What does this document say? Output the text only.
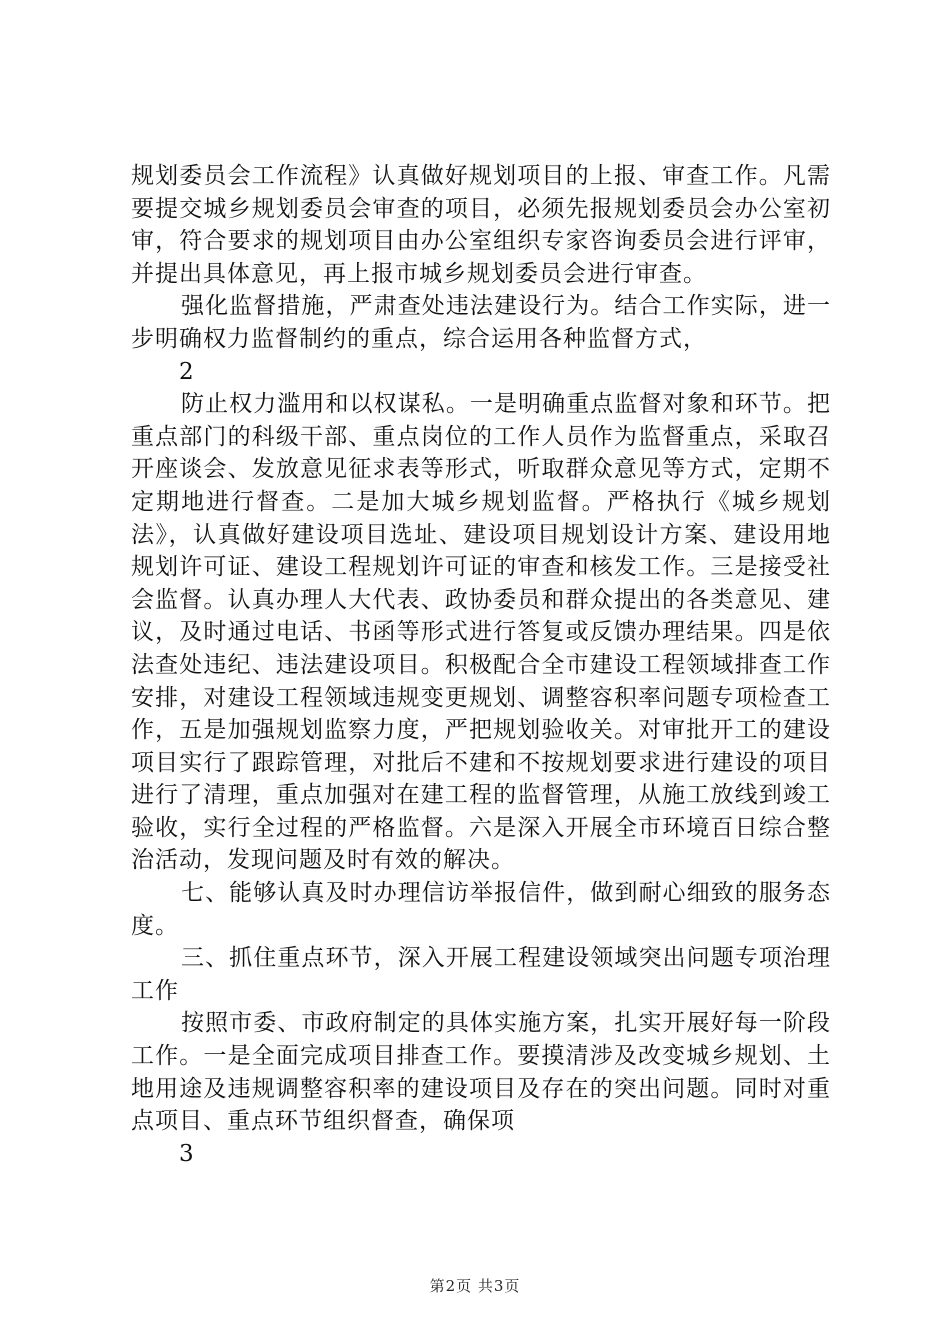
规划委员会工作流程》认真做好规划项目的上报、审查工作。凡需要提交城乡规划委员会审查的项目，必须先报规划委员会办公室初审，符合要求的规划项目由办公室组织专家咨询委员会进行评审，并提出具体意见，再上报市城乡规划委员会进行审查。

强化监督措施，严肃查处违法建设行为。结合工作实际，进一步明确权力监督制约的重点，综合运用各种监督方式，

2

防止权力滥用和以权谋私。一是明确重点监督对象和环节。把重点部门的科级干部、重点岗位的工作人员作为监督重点，采取召开座谈会、发放意见征求表等形式，听取群众意见等方式，定期不定期地进行督查。二是加大城乡规划监督。严格执行《城乡规划法》，认真做好建设项目选址、建设项目规划设计方案、建设用地规划许可证、建设工程规划许可证的审查和核发工作。三是接受社会监督。认真办理人大代表、政协委员和群众提出的各类意见、建议，及时通过电话、书函等形式进行答复或反馈办理结果。四是依法查处违纪、违法建设项目。积极配合全市建设工程领域排查工作安排，对建设工程领域违规变更规划、调整容积率问题专项检查工作，五是加强规划监察力度，严把规划验收关。对审批开工的建设项目实行了跟踪管理，对批后不建和不按规划要求进行建设的项目进行了清理，重点加强对在建工程的监督管理，从施工放线到竣工验收，实行全过程的严格监督。六是深入开展全市环境百日综合整治活动，发现问题及时有效的解决。

七、能够认真及时办理信访举报信件，做到耐心细致的服务态度。

三、抓住重点环节，深入开展工程建设领域突出问题专项治理工作

按照市委、市政府制定的具体实施方案，扎实开展好每一阶段工作。一是全面完成项目排查工作。要摸清涉及改变城乡规划、土地用途及违规调整容积率的建设项目及存在的突出问题。同时对重点项目、重点环节组织督查，确保项

3

第2页 共3页
